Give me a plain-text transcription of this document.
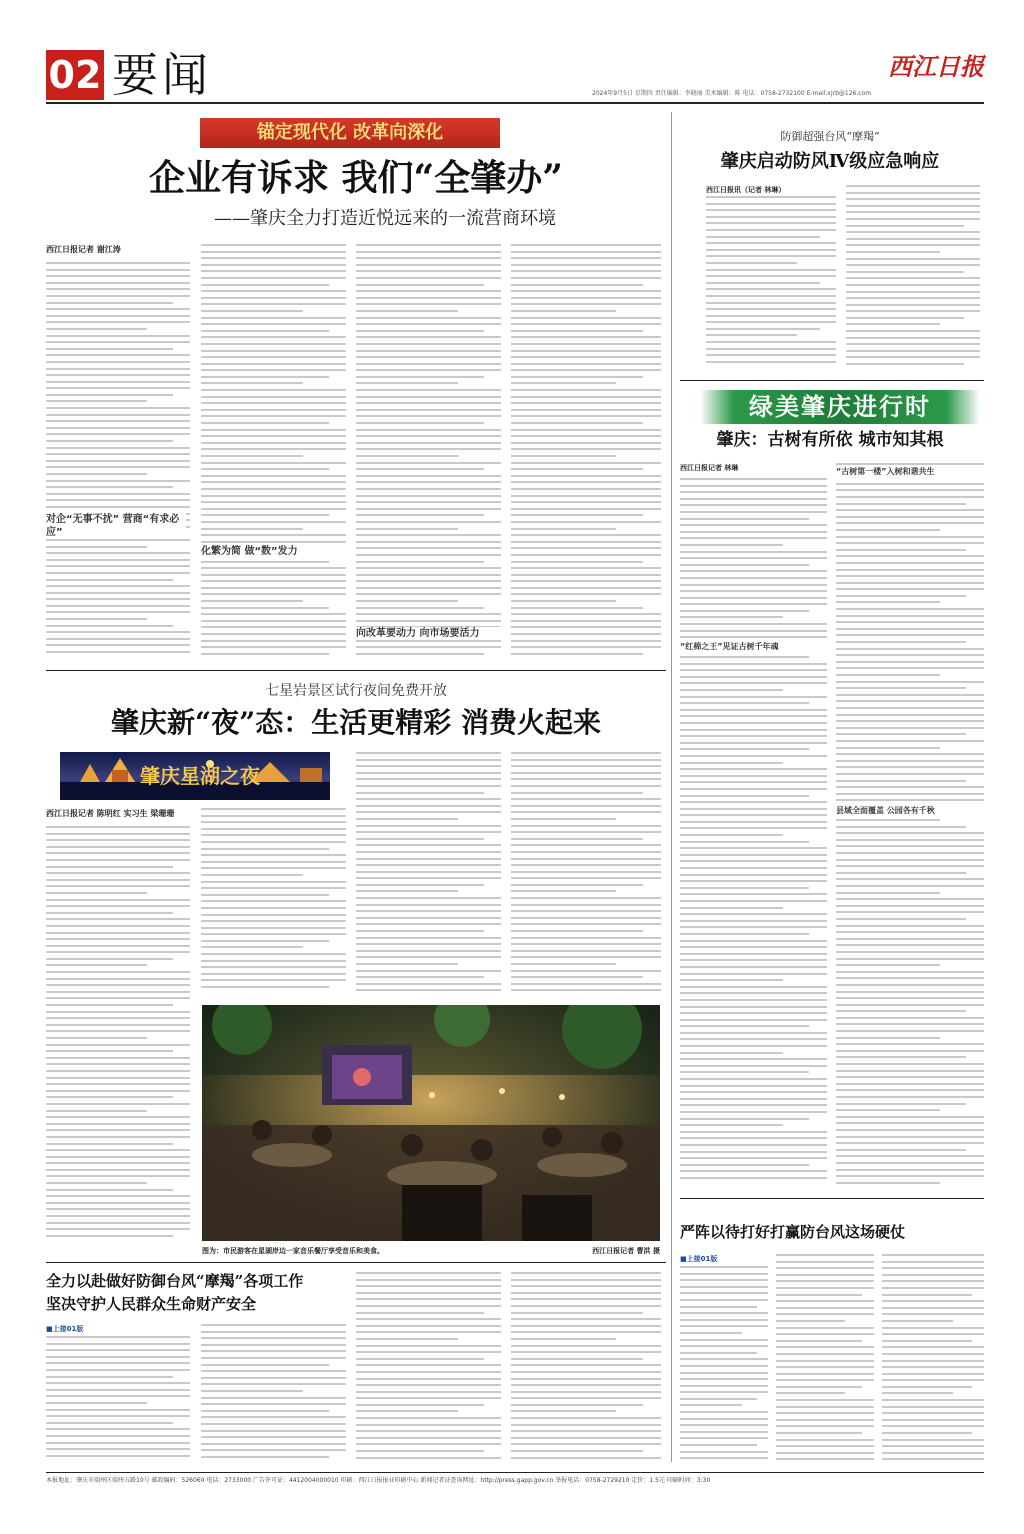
02 要闻	西江日报
2024年9月5日 星期四 责任编辑：李晓丽 美术编辑：陈 电话：0758-2732100 E-mail:xjrb@126.com
锚定现代化 改革向深化
企业有诉求 我们“全肇办”
——肇庆全力打造近悦远来的一流营商环境
西江日报记者 谢江涛
对企“无事不扰” 营商“有求必应”
化繁为简 做“数”发力
向改革要动力 向市场要活力
七星岩景区试行夜间免费开放
肇庆新“夜”态：生活更精彩 消费火起来
肇庆星湖之夜
西江日报记者 陈明红 实习生 梁珊珊
图为：市民游客在星湖岸边一家音乐餐厅享受音乐和美食。	西江日报记者 曹洪 摄
全力以赴做好防御台风“摩羯”各项工作
坚决守护人民群众生命财产安全
■上接01版
防御超强台风“摩羯”
肇庆启动防风Ⅳ级应急响应
西江日报讯（记者 林琳）
绿美肇庆进行时
肇庆：古树有所依 城市知其根
西江日报记者 林琳	“古树第一楼”入树和谐共生
“红棉之王”见证古树千年魂
县域全面覆盖 公园各有千秋
严阵以待打好打赢防台风这场硬仗
■上接01版
本报地址：肇庆市端州区端州五路10号 邮政编码：526060 电话：2733000 广告许可证：4412004000010 印刷：西江日报报业印刷中心 新闻记者证查询网址：http://press.gapp.gov.cn 举报电话：0758-2729210 定价：1.5元 印刷时间：3:30
